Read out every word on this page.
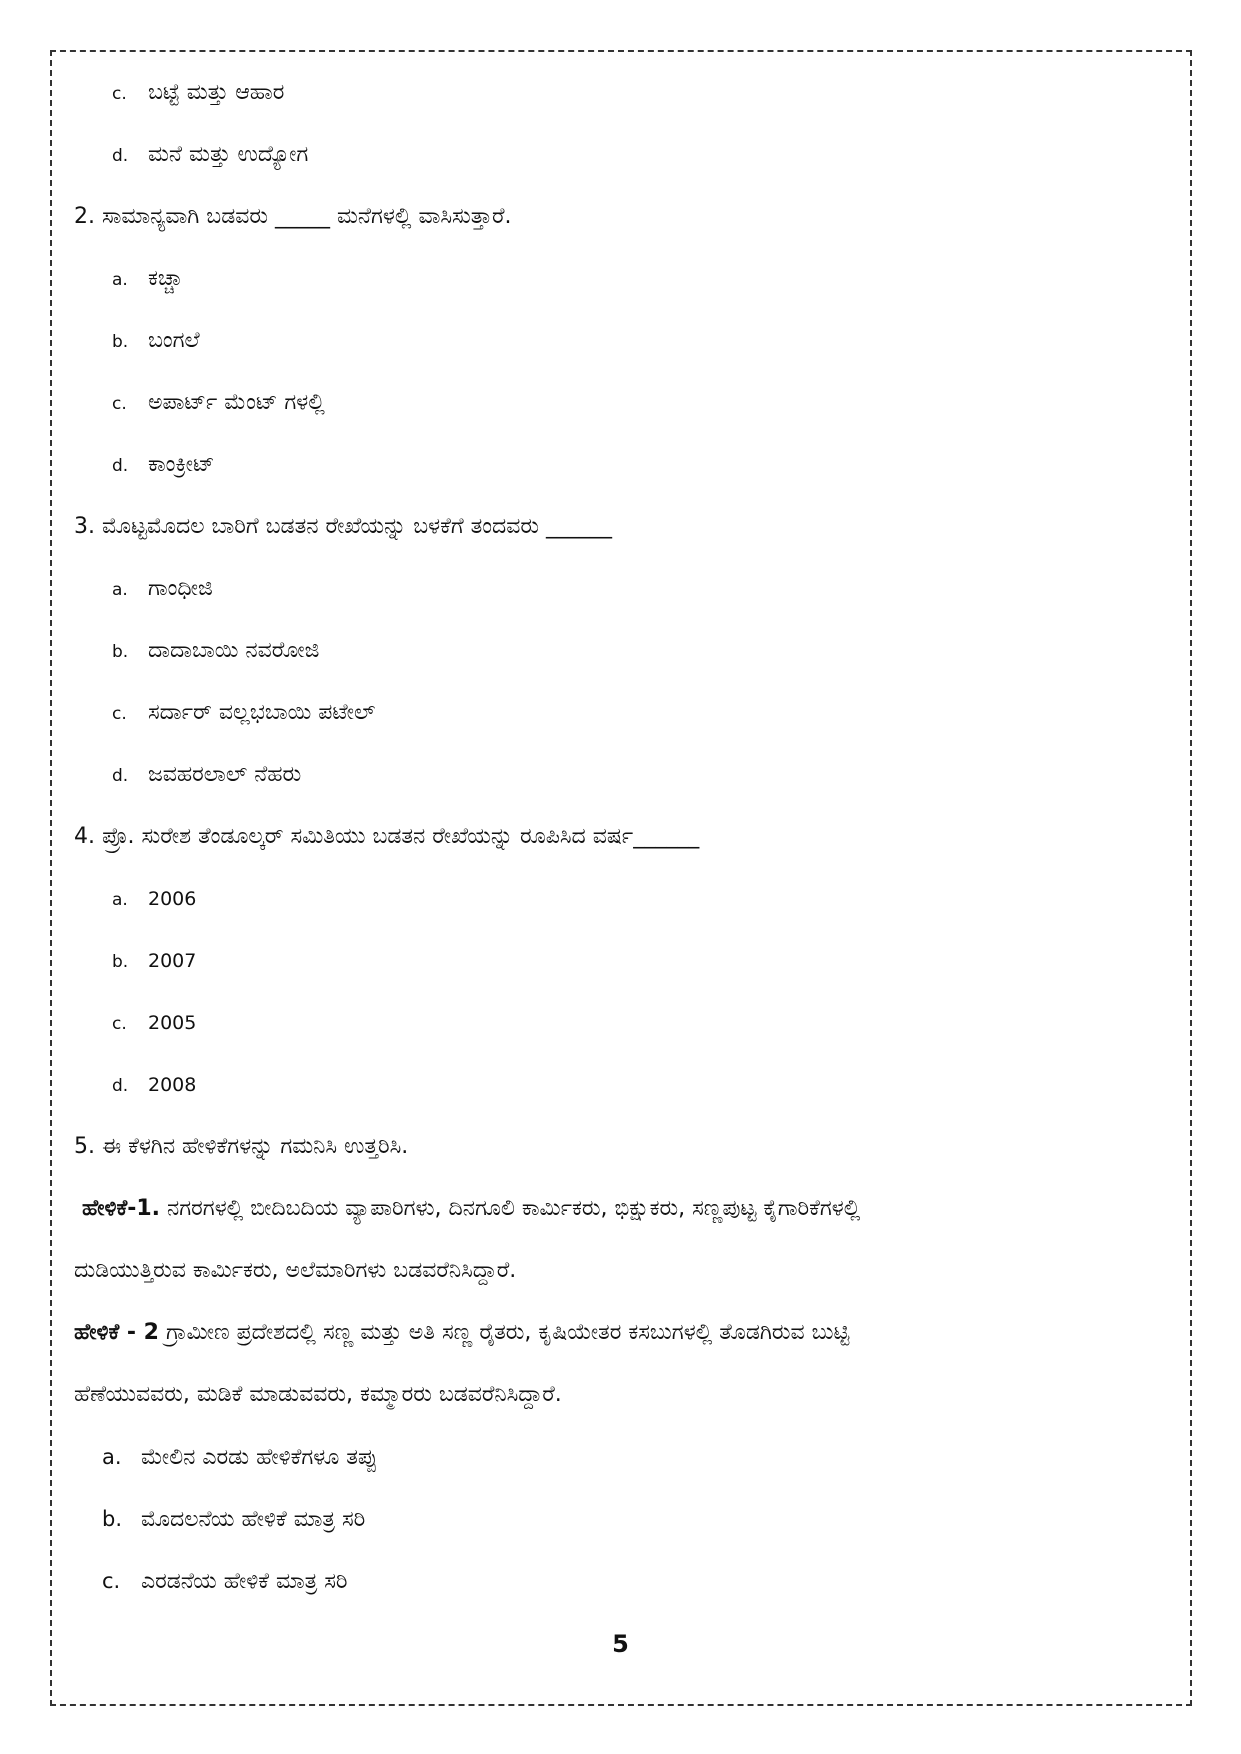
c. ಬಟ್ಟೆ ಮತ್ತು ಆಹಾರ
d. ಮನೆ ಮತ್ತು ಉದ್ಯೋಗ
2. ಸಾಮಾನ್ಯವಾಗಿ ಬಡವರು _____ ಮನೆಗಳಲ್ಲಿ ವಾಸಿಸುತ್ತಾರೆ.
a. ಕಚ್ಚಾ
b. ಬಂಗಲೆ
c. ಅಪಾರ್ಟ್ ಮೆಂಟ್ ಗಳಲ್ಲಿ
d. ಕಾಂಕ್ರೀಟ್
3. ಮೊಟ್ಟಮೊದಲ ಬಾರಿಗೆ ಬಡತನ ರೇಖೆಯನ್ನು ಬಳಕೆಗೆ ತಂದವರು ______
a. ಗಾಂಧೀಜಿ
b. ದಾದಾಬಾಯಿ ನವರೋಜಿ
c. ಸರ್ದಾರ್ ವಲ್ಲಭಬಾಯಿ ಪಟೇಲ್
d. ಜವಹರಲಾಲ್ ನೆಹರು
4. ಪ್ರೊ. ಸುರೇಶ ತೆಂಡೂಲ್ಕರ್ ಸಮಿತಿಯು ಬಡತನ ರೇಖೆಯನ್ನು ರೂಪಿಸಿದ ವರ್ಷ______
a. 2006
b. 2007
c. 2005
d. 2008
5. ಈ ಕೆಳಗಿನ ಹೇಳಿಕೆಗಳನ್ನು ಗಮನಿಸಿ ಉತ್ತರಿಸಿ.
ಹೇಳಿಕೆ-1. ನಗರಗಳಲ್ಲಿ ಬೀದಿಬದಿಯ ವ್ಯಾಪಾರಿಗಳು, ದಿನಗೂಲಿ ಕಾರ್ಮಿಕರು, ಭಿಕ್ಷುಕರು, ಸಣ್ಣಪುಟ್ಟ ಕೈಗಾರಿಕೆಗಳಲ್ಲಿ
ದುಡಿಯುತ್ತಿರುವ ಕಾರ್ಮಿಕರು, ಅಲೆಮಾರಿಗಳು ಬಡವರೆನಿಸಿದ್ದಾರೆ.
ಹೇಳಿಕೆ - 2 ಗ್ರಾಮೀಣ ಪ್ರದೇಶದಲ್ಲಿ ಸಣ್ಣ ಮತ್ತು ಅತಿ ಸಣ್ಣ ರೈತರು, ಕೃಷಿಯೇತರ ಕಸಬುಗಳಲ್ಲಿ ತೊಡಗಿರುವ ಬುಟ್ಟಿ
ಹೆಣೆಯುವವರು, ಮಡಿಕೆ ಮಾಡುವವರು, ಕಮ್ಮಾರರು ಬಡವರೆನಿಸಿದ್ದಾರೆ.
a. ಮೇಲಿನ ಎರಡು ಹೇಳಿಕೆಗಳೂ ತಪ್ಪು
b. ಮೊದಲನೆಯ ಹೇಳಿಕೆ ಮಾತ್ರ ಸರಿ
c. ಎರಡನೆಯ ಹೇಳಿಕೆ ಮಾತ್ರ ಸರಿ
5
